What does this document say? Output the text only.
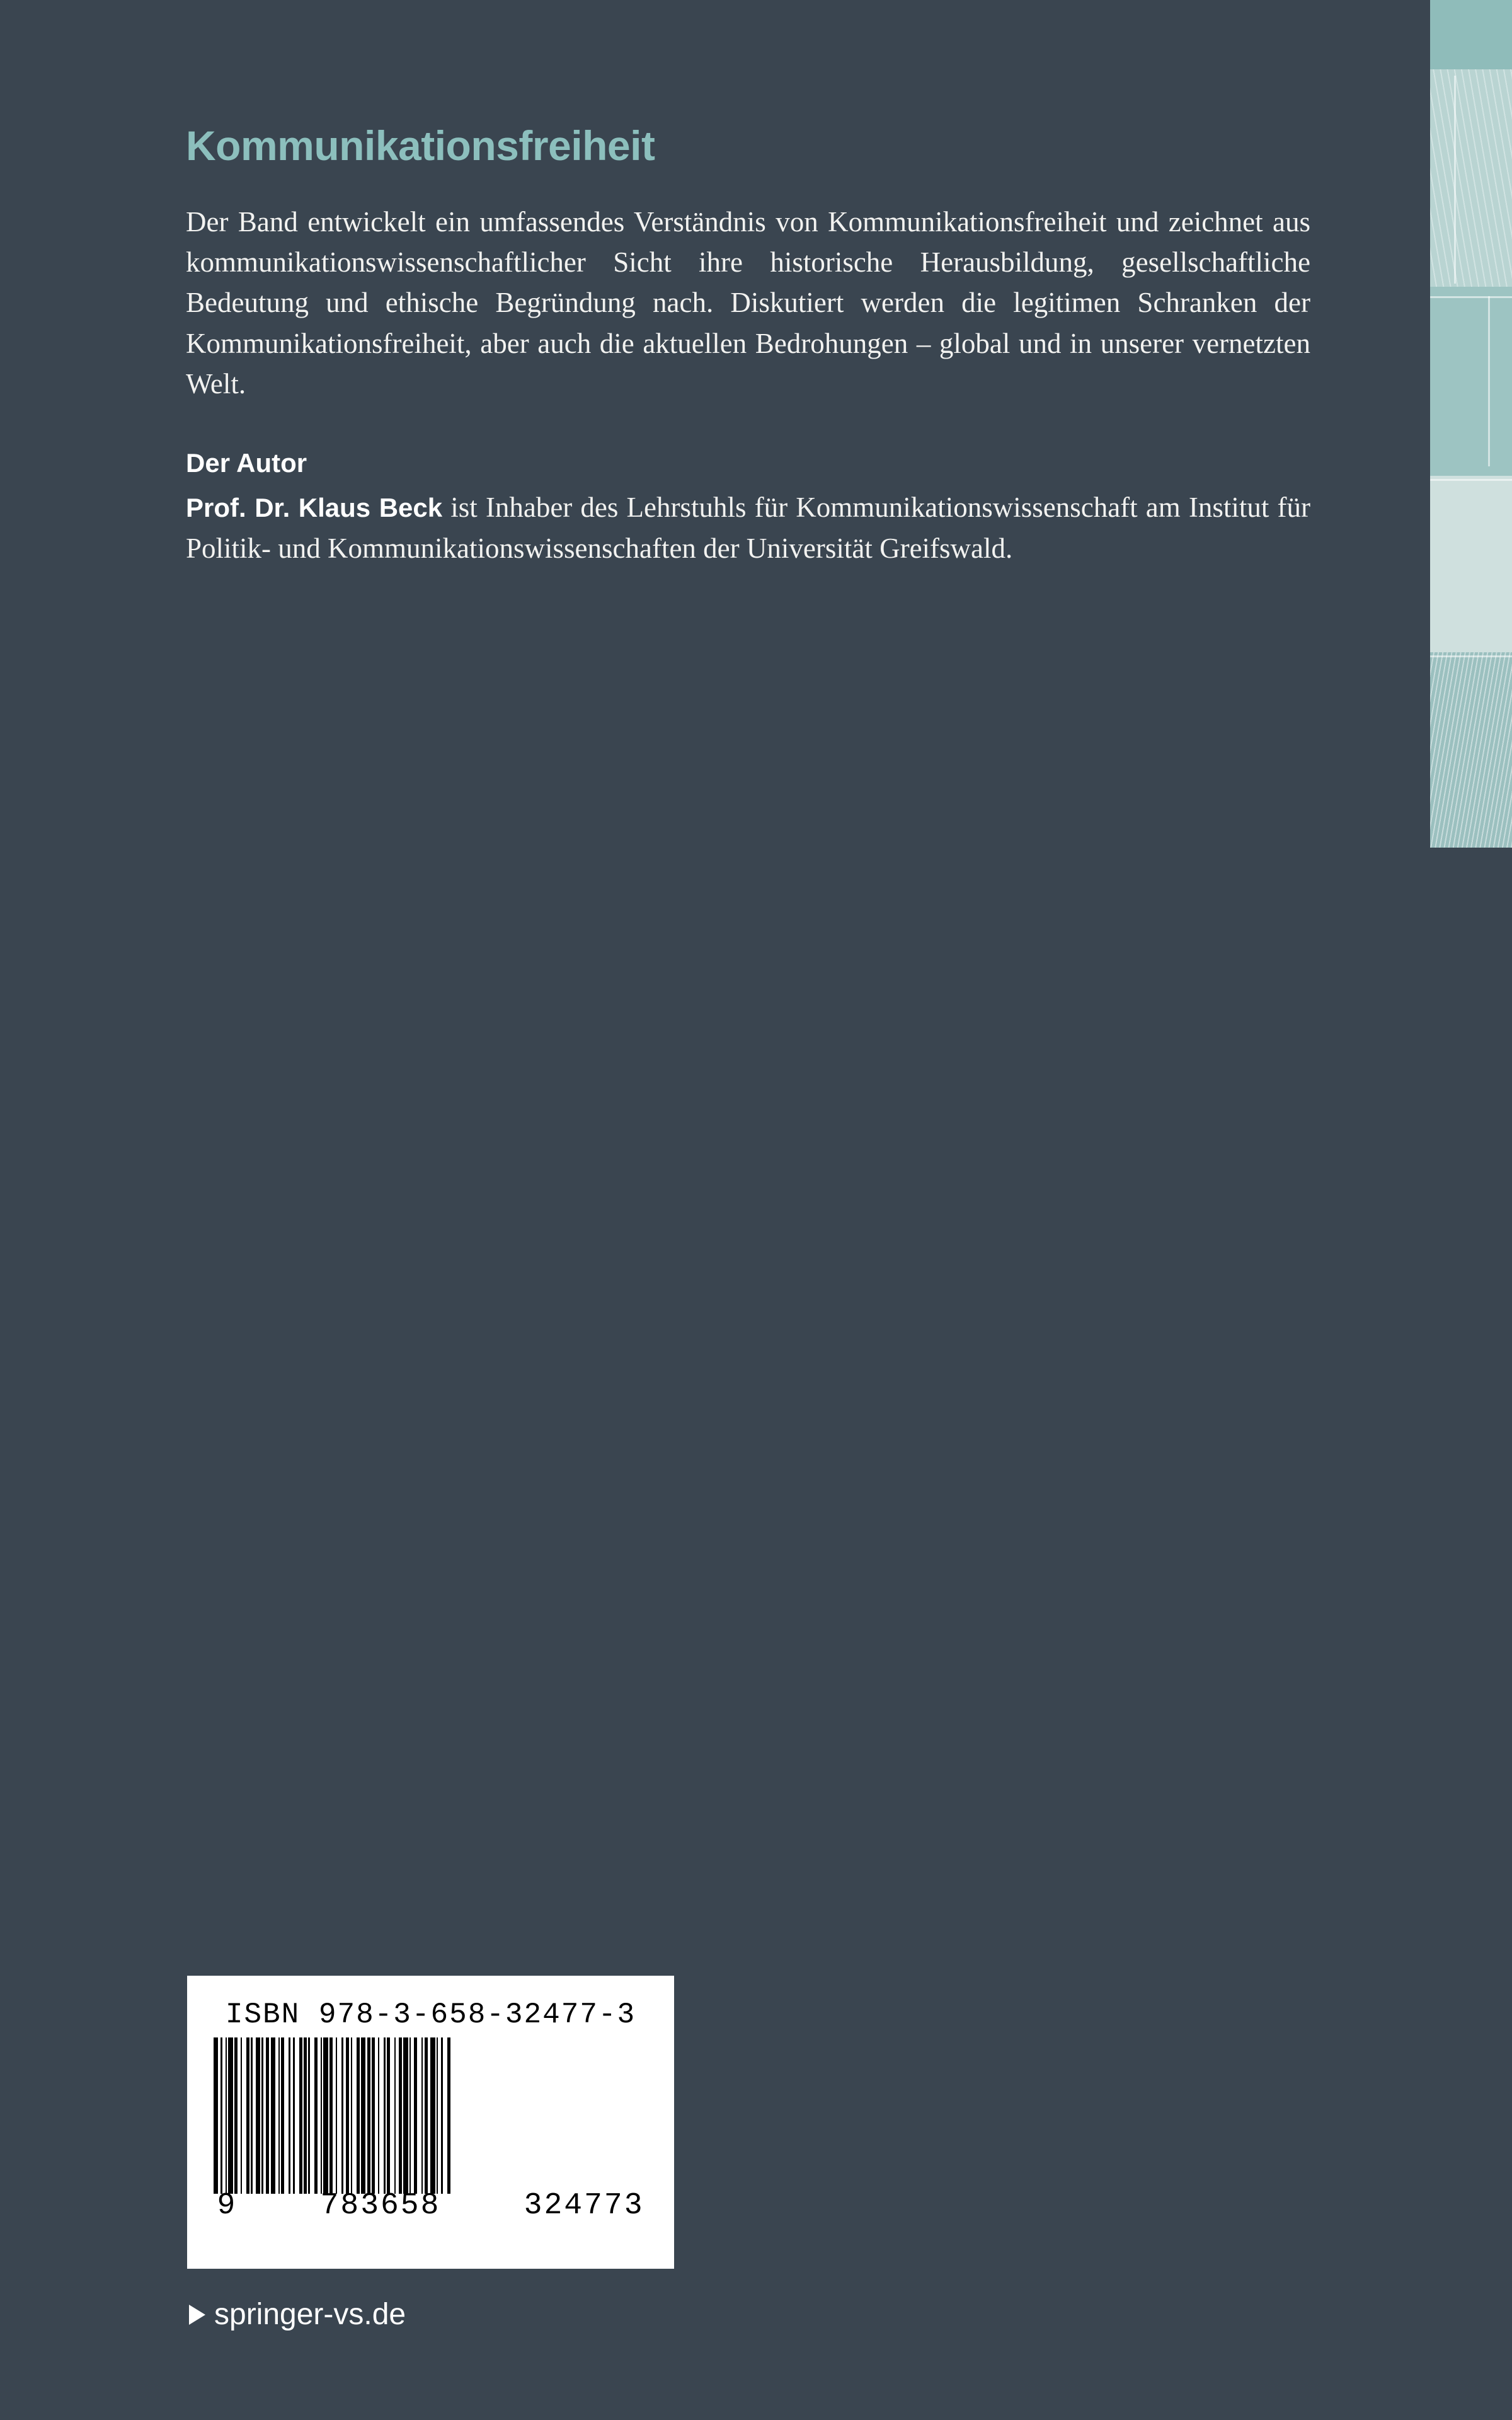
Kommunikationsfreiheit

Der Band entwickelt ein umfassendes Verständnis von Kommunikationsfreiheit und zeichnet aus kommunikationswissenschaftlicher Sicht ihre historische Herausbildung, gesellschaftliche Bedeutung und ethische Begründung nach. Diskutiert werden die legitimen Schranken der Kommunikationsfreiheit, aber auch die aktuellen Bedrohungen – global und in unserer vernetzten Welt.

Der Autor

Prof. Dr. Klaus Beck ist Inhaber des Lehrstuhls für Kommunikationswissenschaft am Institut für Politik- und Kommunikationswissenschaften der Universität Greifswald.

ISBN 978-3-658-32477-3
9	783658	324773
springer-vs.de
